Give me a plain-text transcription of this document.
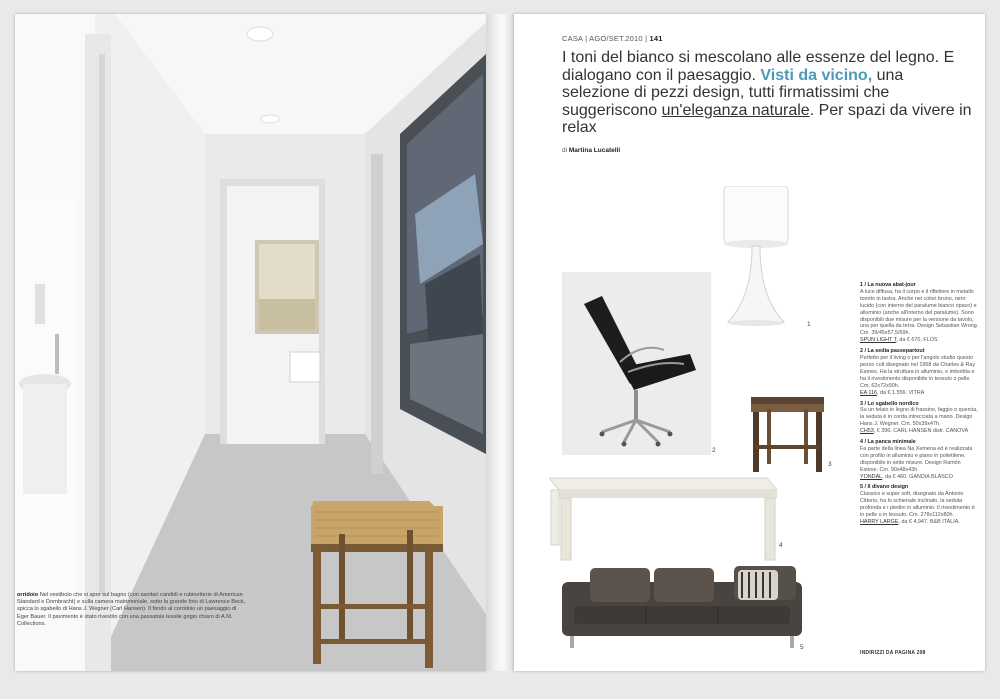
orridoio Nel vestibolo che si apre sul bagno (con sanitari candidi e rubinetterie di American Standard e Dornbracht) e sulla camera matrimoniale, sotto la grande foto di Lawrence Beck, spicca lo sgabello di Hans J. Wegner (Carl Hansen). Il fondo al corridoio un paesaggio di Eger Bauer. Il pavimento è stato rivestito con una passatoia tessile grigio chiaro di A.M. Collections.
CASA | AGO/SET.2010 | 141
I toni del bianco si mescolano alle essenze del legno. E dialogano con il paesaggio. Visti da vicino, una selezione di pezzi design, tutti firmatissimi che suggeriscono un'eleganza naturale. Per spazi da vivere in relax
di Martina Lucatelli
1
2
3
4
5
1 / La nuova abat-jour
A luce diffusa, ha il corpo e il riflettore in metallo tornito in lastra. Anche nei colori bruno, nero lucido (con interno del paralume bianco opaco) e alluminio (anche all'interno del paralume). Sono disponibili due misure per la versione da tavolo, una per quella da terra. Design Sebastian Wrong. Cm. 39/45x57,5/69h.
SPUN LIGHT T, da € 670. FLOS
2 / La sedia passepartout
Perfetto per il living o per l'angolo studio questo pezzo cult disegnato nel 1958 da Charles & Ray Eames. Ha la struttura in alluminio, e imbottita e ha il rivestimento disponibile in tessuto o pelle. Cm. 62x72x90h.
EA 116, da € 1.556. VITRA
3 / Lo sgabello nordico
Su un telaio in legno di frassino, faggio o quercia, la seduta è in corda intrecciata a mano. Design Hans J. Wegner. Cm. 50x39x47h.
CH53, € 396. CARL HANSEN distr. CANOVA
4 / La panca minimale
Fa parte della linea Na Xemena ed è realizzata con profilo in alluminio e piano in polietilene, disponibile in sette misure. Design Ramón Esteve. Cm. 90x48x43h.
YONDAL, da € 460. GANDIA BLASCO
5 / Il divano design
Classico e super soft, disegnato da Antonio Citterio, ha lo schienale inclinato, la seduta profonda e i piedini in alluminio. Il rivestimento è in pelle o in tessuto. Cm. 278x112x80h.
HARRY LARGE, da € 4.947. B&B ITALIA.
INDIRIZZI DA PAGINA 208
